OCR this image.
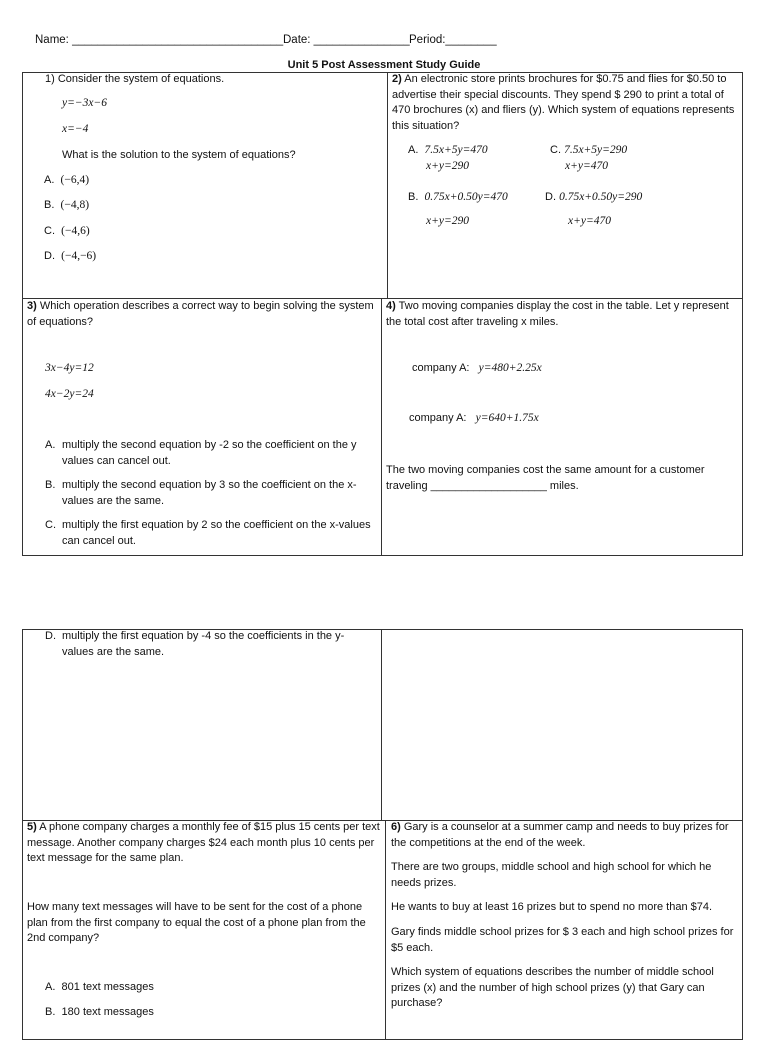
Name: _________________________________ Date: _______________ Period:________
Unit 5 Post Assessment Study Guide
1) Consider the system of equations.
y=−3x−6
x=−4
What is the solution to the system of equations?
A. (−6,4)
B. (−4,8)
C. (−4,6)
D. (−4,−6)
2) An electronic store prints brochures for $0.75 and flies for $0.50 to advertise their special discounts. They spend $ 290 to print a total of 470 brochures (x) and fliers (y). Which system of equations represents this situation?
A. 7.5x+5y=470
x+y=290
C. 7.5x+5y=290
x+y=470
B. 0.75x+0.50y=470
x+y=290
D. 0.75x+0.50y=290
x+y=470
3) Which operation describes a correct way to begin solving the system of equations?
3x−4y=12
4x−2y=24
A. multiply the second equation by -2 so the coefficient on the y values can cancel out.
B. multiply the second equation by 3 so the coefficient on the x-values are the same.
C. multiply the first equation by 2 so the coefficient on the x-values can cancel out.
4) Two moving companies display the cost in the table. Let y represent the total cost after traveling x miles.
company A: y=480+2.25x
company A: y=640+1.75x
The two moving companies cost the same amount for a customer traveling ___________________ miles.
D. multiply the first equation by -4 so the coefficients in the y-values are the same.
5) A phone company charges a monthly fee of $15 plus 15 cents per text message. Another company charges $24 each month plus 10 cents per text message for the same plan.
How many text messages will have to be sent for the cost of a phone plan from the first company to equal the cost of a phone plan from the 2nd company?
A. 801 text messages
B. 180 text messages
6) Gary is a counselor at a summer camp and needs to buy prizes for the competitions at the end of the week.
There are two groups, middle school and high school for which he needs prizes.
He wants to buy at least 16 prizes but to spend no more than $74.
Gary finds middle school prizes for $ 3 each and high school prizes for $5 each.
Which system of equations describes the number of middle school prizes (x) and the number of high school prizes (y) that Gary can purchase?
